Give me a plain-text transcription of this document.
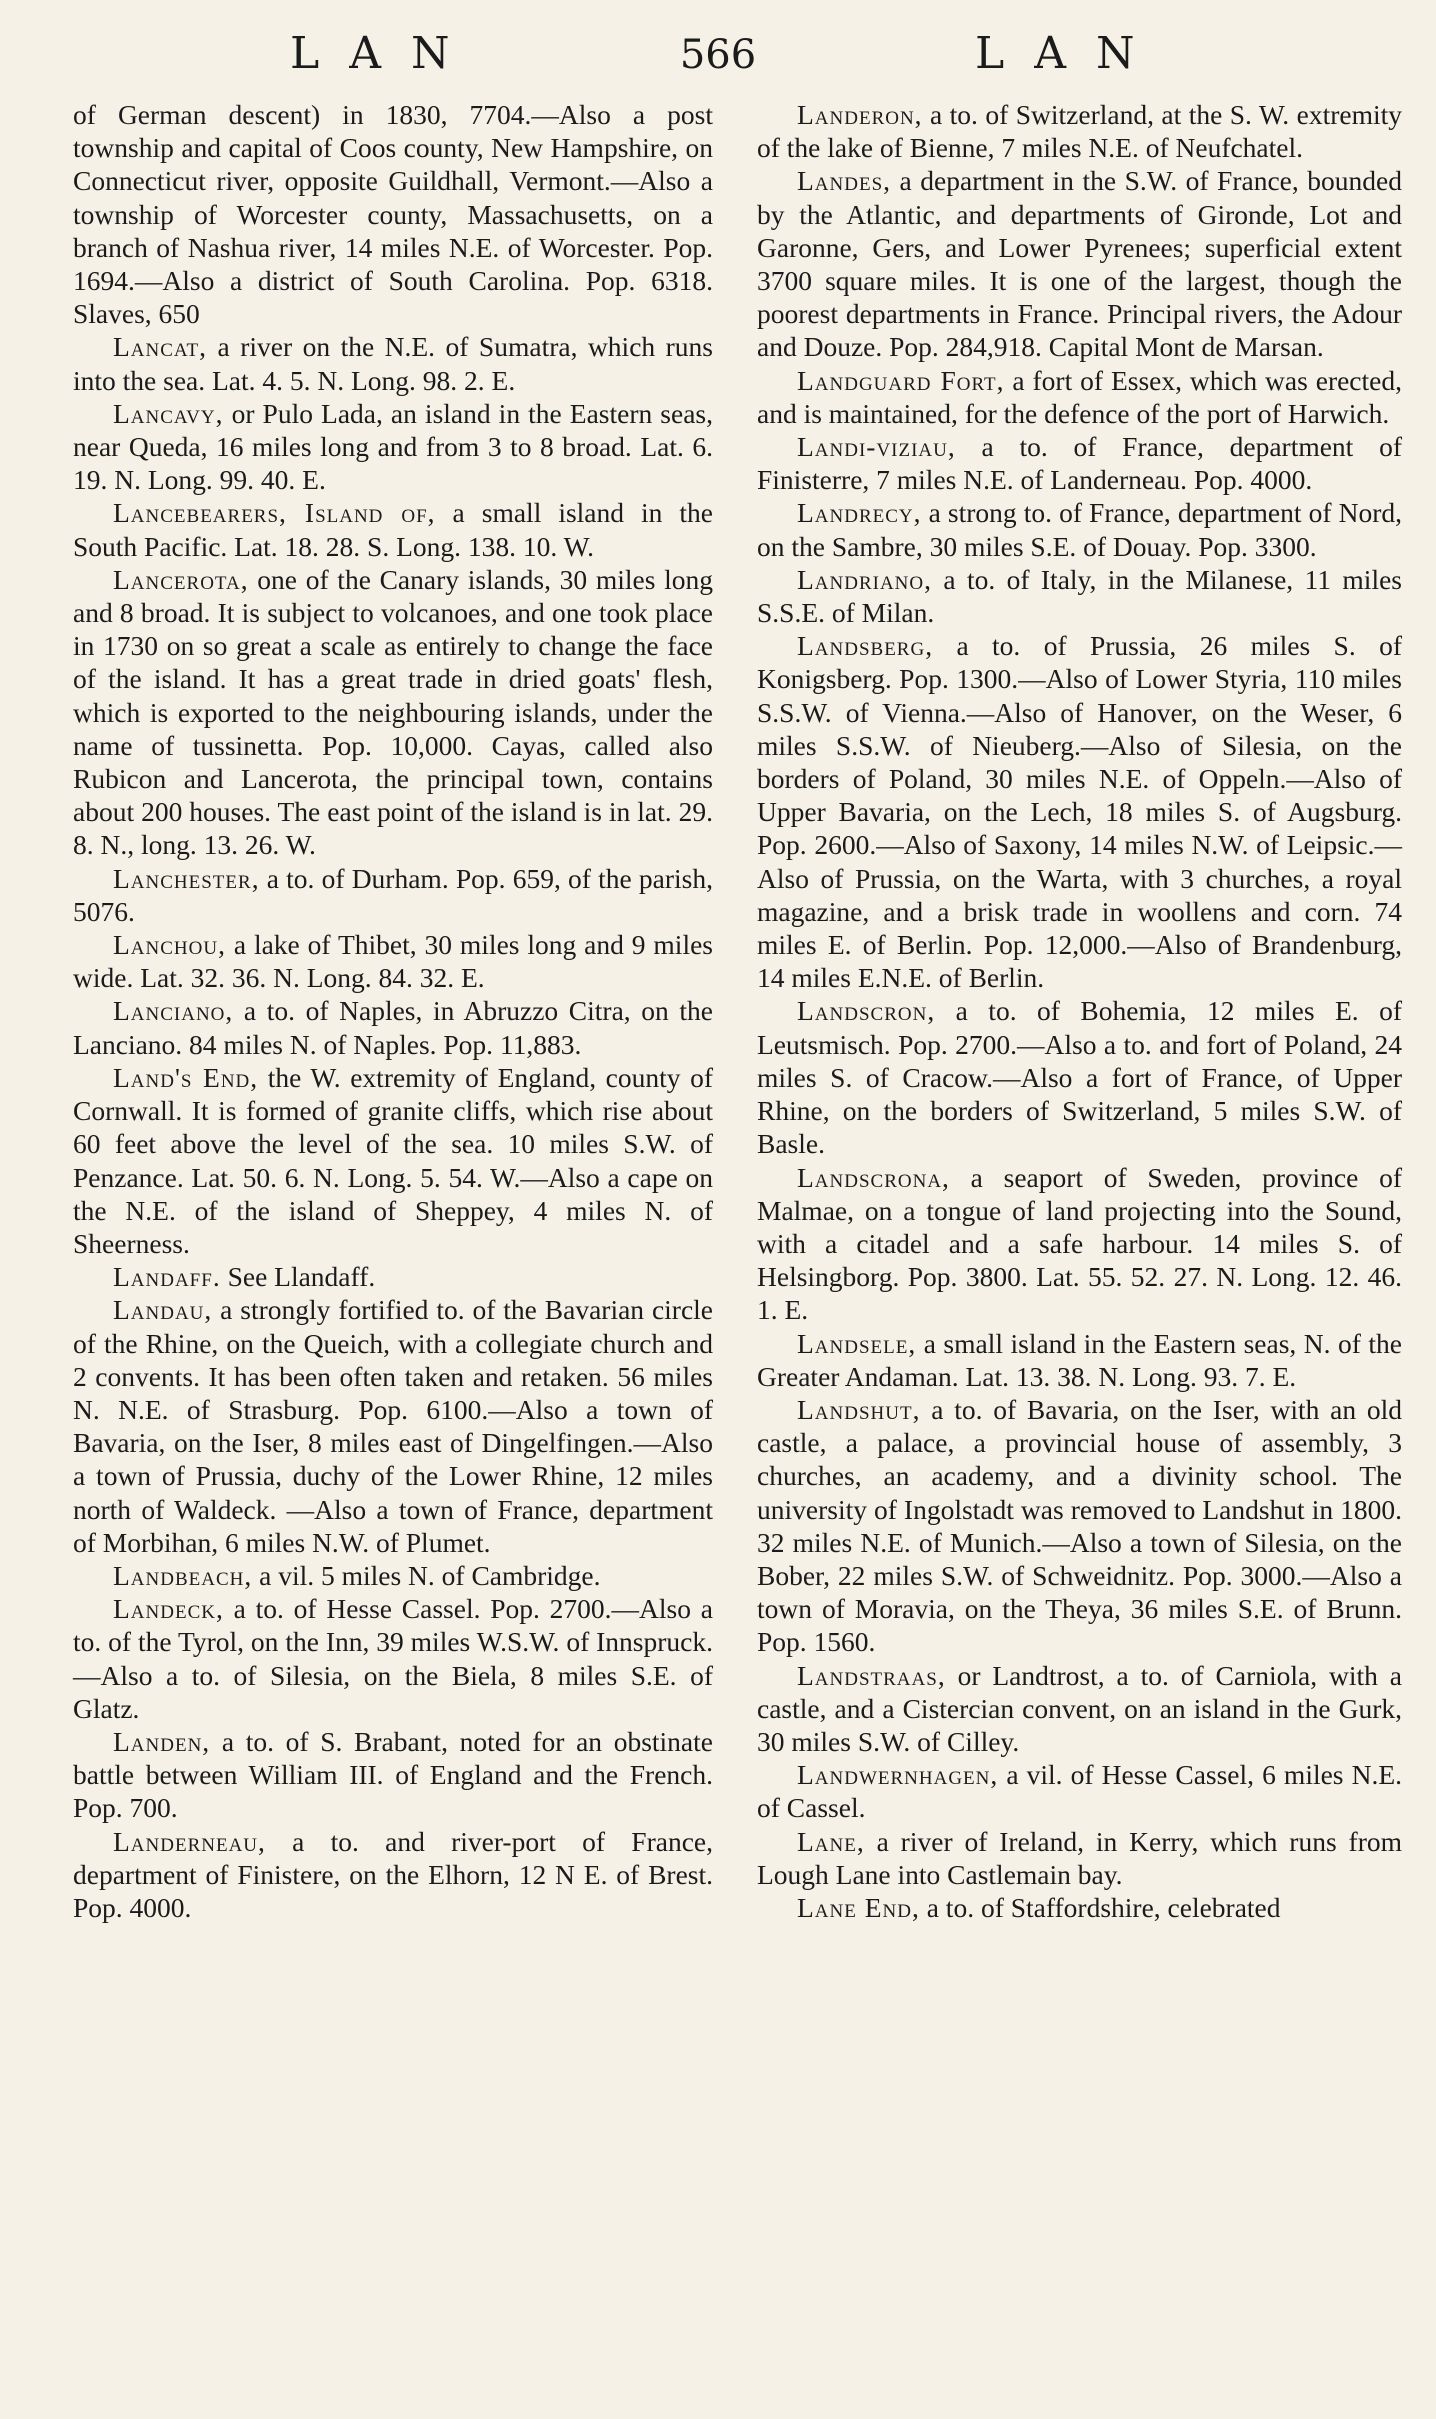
LAN	566	LAN

of German descent) in 1830, 7704.—Also a post township and capital of Coos county, New Hampshire, on Connecticut river, opposite Guildhall, Vermont.—Also a township of Worcester county, Massachusetts, on a branch of Nashua river, 14 miles N.E. of Worcester. Pop. 1694.—Also a district of South Carolina. Pop. 6318. Slaves, 650

Lancat, a river on the N.E. of Sumatra, which runs into the sea. Lat. 4. 5. N. Long. 98. 2. E.

Lancavy, or Pulo Lada, an island in the Eastern seas, near Queda, 16 miles long and from 3 to 8 broad. Lat. 6. 19. N. Long. 99. 40. E.

Lancebearers, Island of, a small island in the South Pacific. Lat. 18. 28. S. Long. 138. 10. W.

Lancerota, one of the Canary islands, 30 miles long and 8 broad. It is subject to volcanoes, and one took place in 1730 on so great a scale as entirely to change the face of the island. It has a great trade in dried goats' flesh, which is exported to the neighbouring islands, under the name of tussinetta. Pop. 10,000. Cayas, called also Rubicon and Lancerota, the principal town, contains about 200 houses. The east point of the island is in lat. 29. 8. N., long. 13. 26. W.

Lanchester, a to. of Durham. Pop. 659, of the parish, 5076.

Lanchou, a lake of Thibet, 30 miles long and 9 miles wide. Lat. 32. 36. N. Long. 84. 32. E.

Lanciano, a to. of Naples, in Abruzzo Citra, on the Lanciano. 84 miles N. of Naples. Pop. 11,883.

Land's End, the W. extremity of England, county of Cornwall. It is formed of granite cliffs, which rise about 60 feet above the level of the sea. 10 miles S.W. of Penzance. Lat. 50. 6. N. Long. 5. 54. W.—Also a cape on the N.E. of the island of Sheppey, 4 miles N. of Sheerness.

Landaff. See Llandaff.

Landau, a strongly fortified to. of the Bavarian circle of the Rhine, on the Queich, with a collegiate church and 2 convents. It has been often taken and retaken. 56 miles N. N.E. of Strasburg. Pop. 6100.—Also a town of Bavaria, on the Iser, 8 miles east of Dingelfingen.—Also a town of Prussia, duchy of the Lower Rhine, 12 miles north of Waldeck. —Also a town of France, department of Morbihan, 6 miles N.W. of Plumet.

Landbeach, a vil. 5 miles N. of Cambridge.

Landeck, a to. of Hesse Cassel. Pop. 2700.—Also a to. of the Tyrol, on the Inn, 39 miles W.S.W. of Innspruck.—Also a to. of Silesia, on the Biela, 8 miles S.E. of Glatz.

Landen, a to. of S. Brabant, noted for an obstinate battle between William III. of England and the French. Pop. 700.

Landerneau, a to. and river-port of France, department of Finistere, on the Elhorn, 12 N E. of Brest. Pop. 4000.

Landeron, a to. of Switzerland, at the S. W. extremity of the lake of Bienne, 7 miles N.E. of Neufchatel.

Landes, a department in the S.W. of France, bounded by the Atlantic, and departments of Gironde, Lot and Garonne, Gers, and Lower Pyrenees; superficial extent 3700 square miles. It is one of the largest, though the poorest departments in France. Principal rivers, the Adour and Douze. Pop. 284,918. Capital Mont de Marsan.

Landguard Fort, a fort of Essex, which was erected, and is maintained, for the defence of the port of Harwich.

Landi-viziau, a to. of France, department of Finisterre, 7 miles N.E. of Landerneau. Pop. 4000.

Landrecy, a strong to. of France, department of Nord, on the Sambre, 30 miles S.E. of Douay. Pop. 3300.

Landriano, a to. of Italy, in the Milanese, 11 miles S.S.E. of Milan.

Landsberg, a to. of Prussia, 26 miles S. of Konigsberg. Pop. 1300.—Also of Lower Styria, 110 miles S.S.W. of Vienna.—Also of Hanover, on the Weser, 6 miles S.S.W. of Nieuberg.—Also of Silesia, on the borders of Poland, 30 miles N.E. of Oppeln.—Also of Upper Bavaria, on the Lech, 18 miles S. of Augsburg. Pop. 2600.—Also of Saxony, 14 miles N.W. of Leipsic.—Also of Prussia, on the Warta, with 3 churches, a royal magazine, and a brisk trade in woollens and corn. 74 miles E. of Berlin. Pop. 12,000.—Also of Brandenburg, 14 miles E.N.E. of Berlin.

Landscron, a to. of Bohemia, 12 miles E. of Leutsmisch. Pop. 2700.—Also a to. and fort of Poland, 24 miles S. of Cracow.—Also a fort of France, of Upper Rhine, on the borders of Switzerland, 5 miles S.W. of Basle.

Landscrona, a seaport of Sweden, province of Malmae, on a tongue of land projecting into the Sound, with a citadel and a safe harbour. 14 miles S. of Helsingborg. Pop. 3800. Lat. 55. 52. 27. N. Long. 12. 46. 1. E.

Landsele, a small island in the Eastern seas, N. of the Greater Andaman. Lat. 13. 38. N. Long. 93. 7. E.

Landshut, a to. of Bavaria, on the Iser, with an old castle, a palace, a provincial house of assembly, 3 churches, an academy, and a divinity school. The university of Ingolstadt was removed to Landshut in 1800. 32 miles N.E. of Munich.—Also a town of Silesia, on the Bober, 22 miles S.W. of Schweidnitz. Pop. 3000.—Also a town of Moravia, on the Theya, 36 miles S.E. of Brunn. Pop. 1560.

Landstraas, or Landtrost, a to. of Carniola, with a castle, and a Cistercian convent, on an island in the Gurk, 30 miles S.W. of Cilley.

Landwernhagen, a vil. of Hesse Cassel, 6 miles N.E. of Cassel.

Lane, a river of Ireland, in Kerry, which runs from Lough Lane into Castlemain bay.

Lane End, a to. of Staffordshire, celebrated
